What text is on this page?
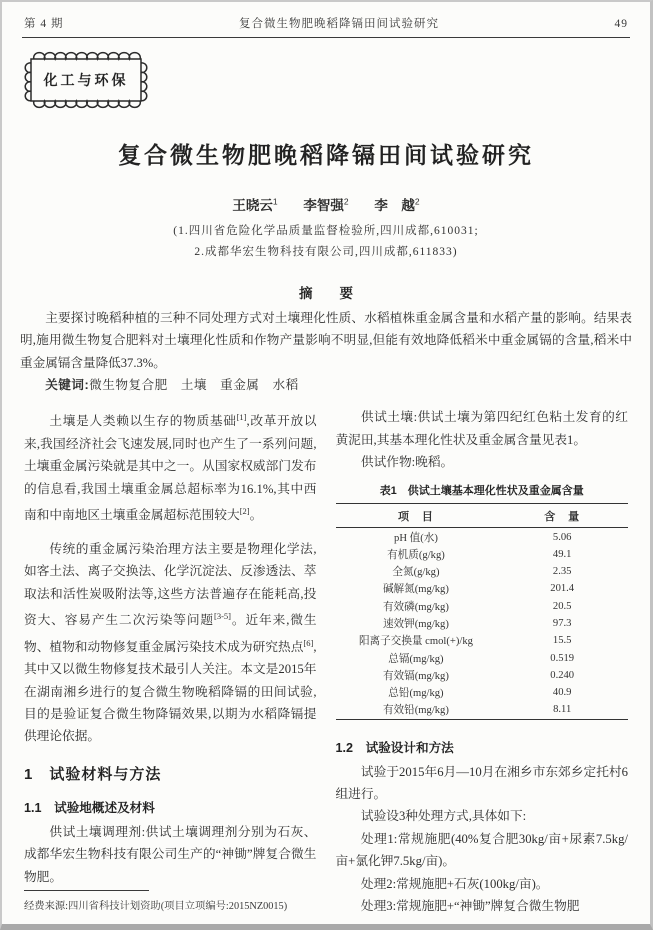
第 4 期	复合微生物肥晚稻降镉田间试验研究	49
化工与环保
复合微生物肥晚稻降镉田间试验研究
王晓云$^1$ 李智强$^2$ 李　越$^2$
(1.四川省危险化学品质量监督检验所,四川成都,610031;
2.成都华宏生物科技有限公司,四川成都,611833)
摘　　要

主要探讨晚稻种植的三种不同处理方式对土壤理化性质、水稻植株重金属含量和水稻产量的影响。结果表明,施用微生物复合肥料对土壤理化性质和作物产量影响不明显,但能有效地降低稻米中重金属镉的含量,稻米中重金属镉含量降低37.3%。

关键词:微生物复合肥　土壤　重金属　水稻

土壤是人类赖以生存的物质基础[1],改革开放以来,我国经济社会飞速发展,同时也产生了一系列问题,土壤重金属污染就是其中之一。从国家权威部门发布的信息看,我国土壤重金属总超标率为16.1%,其中西南和中南地区土壤重金属超标范围较大[2]。

传统的重金属污染治理方法主要是物理化学法,如客土法、离子交换法、化学沉淀法、反渗透法、萃取法和活性炭吸附法等,这些方法普遍存在能耗高,投资大、容易产生二次污染等问题[3-5]。近年来,微生物、植物和动物修复重金属污染技术成为研究热点[6],其中又以微生物修复技术最引人关注。本文是2015年在湖南湘乡进行的复合微生物晚稻降镉的田间试验,目的是验证复合微生物降镉效果,以期为水稻降镉提供理论依据。

1　试验材料与方法
1.1　试验地概述及材料

供试土壤调理剂:供试土壤调理剂分别为石灰、成都华宏生物科技有限公司生产的“神锄”牌复合微生物肥。

供试土壤:供试土壤为第四纪红色粘土发育的红黄泥田,其基本理化性状及重金属含量见表1。

供试作物:晚稻。

表1　供试土壤基本理化性状及重金属含量
项　目	含　量
pH 值(水)	5.06
有机质(g/kg)	49.1
全氮(g/kg)	2.35
碱解氮(mg/kg)	201.4
有效磷(mg/kg)	20.5
速效钾(mg/kg)	97.3
阳离子交换量 cmol(+)/kg	15.5
总镉(mg/kg)	0.519
有效镉(mg/kg)	0.240
总铅(mg/kg)	40.9
有效铅(mg/kg)	8.11
1.2　试验设计和方法

试验于2015年6月—10月在湘乡市东郊乡定托村6组进行。

试验设3种处理方式,具体如下:

处理1:常规施肥(40%复合肥30kg/亩+尿素7.5kg/亩+氯化钾7.5kg/亩)。

处理2:常规施肥+石灰(100kg/亩)。

处理3:常规施肥+“神锄”牌复合微生物肥

经费来源:四川省科技计划资助(项目立项编号:2015NZ0015)
